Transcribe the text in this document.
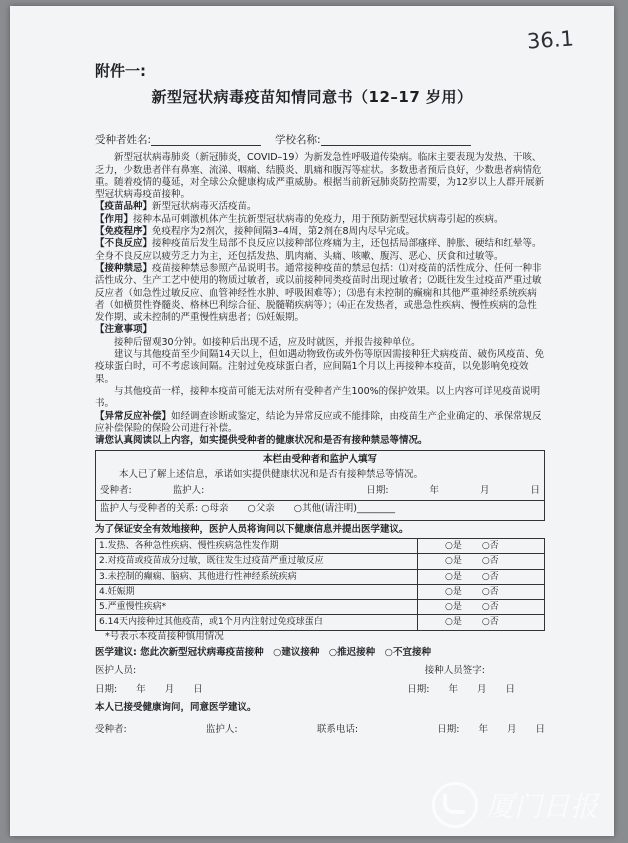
36.1
附件一:
新型冠状病毒疫苗知情同意书（12–17 岁用）
受种者姓名:	学校名称:

新型冠状病毒肺炎（新冠肺炎，COVID–19）为新发急性呼吸道传染病。临床主要表现为发热、干咳、乏力，少数患者伴有鼻塞、流涕、咽痛、结膜炎、肌痛和腹泻等症状。多数患者预后良好，少数患者病情危重。随着疫情的蔓延，对全球公众健康构成严重威胁。根据当前新冠肺炎防控需要，为12岁以上人群开展新型冠状病毒疫苗接种。

【疫苗品种】新型冠状病毒灭活疫苗。

【作用】接种本品可刺激机体产生抗新型冠状病毒的免疫力，用于预防新型冠状病毒引起的疾病。

【免疫程序】免疫程序为2剂次，接种间隔3–4周，第2剂在8周内尽早完成。

【不良反应】接种疫苗后发生局部不良反应以接种部位疼痛为主，还包括局部瘙痒、肿胀、硬结和红晕等。全身不良反应以疲劳乏力为主，还包括发热、肌肉痛、头痛、咳嗽、腹泻、恶心、厌食和过敏等。

【接种禁忌】疫苗接种禁忌参照产品说明书。通常接种疫苗的禁忌包括：⑴对疫苗的活性成分、任何一种非活性成分、生产工艺中使用的物质过敏者，或以前接种同类疫苗时出现过敏者；⑵既往发生过疫苗严重过敏反应者（如急性过敏反应、血管神经性水肿、呼吸困难等）；⑶患有未控制的癫痫和其他严重神经系统疾病者（如横贯性脊髓炎、格林巴利综合征、脱髓鞘疾病等）；⑷正在发热者，或患急性疾病、慢性疾病的急性发作期、或未控制的严重慢性病患者；⑸妊娠期。

【注意事项】

接种后留观30分钟。如接种后出现不适，应及时就医，并报告接种单位。

建议与其他疫苗至少间隔14天以上，但如遇动物致伤或外伤等原因需接种狂犬病疫苗、破伤风疫苗、免疫球蛋白时，可不考虑该间隔。注射过免疫球蛋白者，应间隔1个月以上再接种本疫苗，以免影响免疫效果。

与其他疫苗一样，接种本疫苗可能无法对所有受种者产生100%的保护效果。以上内容可详见疫苗说明书。

【异常反应补偿】如经调查诊断或鉴定，结论为异常反应或不能排除，由疫苗生产企业确定的、承保常规反应补偿保险的保险公司进行补偿。

请您认真阅读以上内容，如实提供受种者的健康状况和是否有接种禁忌等情况。

本栏由受种者和监护人填写

本人已了解上述信息，承诺如实提供健康状况和是否有接种禁忌等情况。

受种者:	监护人:	日期:	年	月	日

监护人与受种者的关系: ○母亲　　○父亲　　○其他(请注明)________

为了保证安全有效地接种，医护人员将询问以下健康信息并提出医学建议。

1.发热、各种急性疾病、慢性疾病急性发作期	○是 ○否
2.对疫苗或疫苗成分过敏，既往发生过疫苗严重过敏反应	○是 ○否
3.未控制的癫痫、脑病、其他进行性神经系统疾病	○是 ○否
4.妊娠期	○是 ○否
5.严重慢性疾病*	○是 ○否
6.14天内接种过其他疫苗，或1个月内注射过免疫球蛋白	○是 ○否

*号表示本疫苗接种慎用情况

医学建议: 您此次新型冠状病毒疫苗接种　○建议接种　○推迟接种　○不宜接种

医护人员:	接种人员签字:
日期:　　年　　月　　日	日期:　　年　　月　　日

本人已接受健康询问，同意医学建议。

受种者:	监护人:	联系电话:	日期:　　年　　月　　日
厦门日报
